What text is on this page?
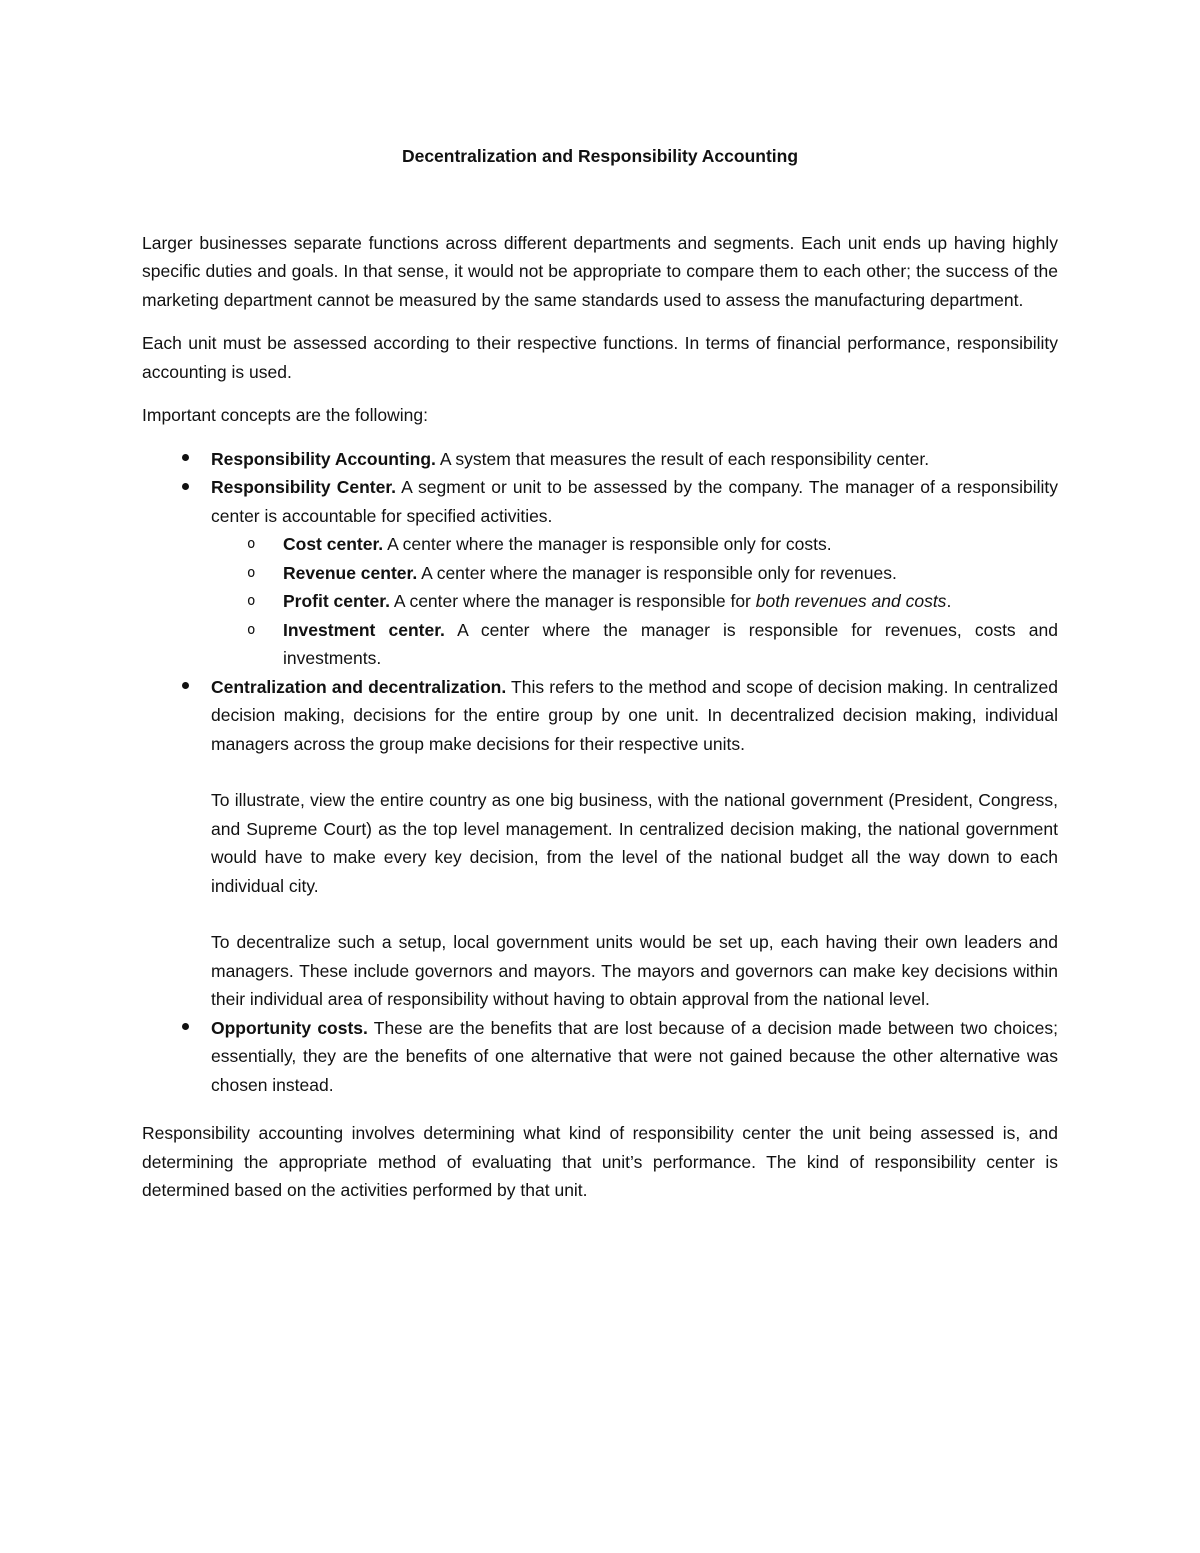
Decentralization and Responsibility Accounting

Larger businesses separate functions across different departments and segments. Each unit ends up having highly specific duties and goals. In that sense, it would not be appropriate to compare them to each other; the success of the marketing department cannot be measured by the same standards used to assess the manufacturing department.

Each unit must be assessed according to their respective functions. In terms of financial performance, responsibility accounting is used.

Important concepts are the following:

Responsibility Accounting. A system that measures the result of each responsibility center.
Responsibility Center. A segment or unit to be assessed by the company. The manager of a responsibility center is accountable for specified activities.
o Cost center. A center where the manager is responsible only for costs.
o Revenue center. A center where the manager is responsible only for revenues.
o Profit center. A center where the manager is responsible for both revenues and costs.
o Investment center. A center where the manager is responsible for revenues, costs and investments.
Centralization and decentralization. This refers to the method and scope of decision making. In centralized decision making, decisions for the entire group by one unit. In decentralized decision making, individual managers across the group make decisions for their respective units.
To illustrate, view the entire country as one big business, with the national government (President, Congress, and Supreme Court) as the top level management. In centralized decision making, the national government would have to make every key decision, from the level of the national budget all the way down to each individual city.
To decentralize such a setup, local government units would be set up, each having their own leaders and managers. These include governors and mayors. The mayors and governors can make key decisions within their individual area of responsibility without having to obtain approval from the national level.
Opportunity costs. These are the benefits that are lost because of a decision made between two choices; essentially, they are the benefits of one alternative that were not gained because the other alternative was chosen instead.

Responsibility accounting involves determining what kind of responsibility center the unit being assessed is, and determining the appropriate method of evaluating that unit’s performance. The kind of responsibility center is determined based on the activities performed by that unit.
